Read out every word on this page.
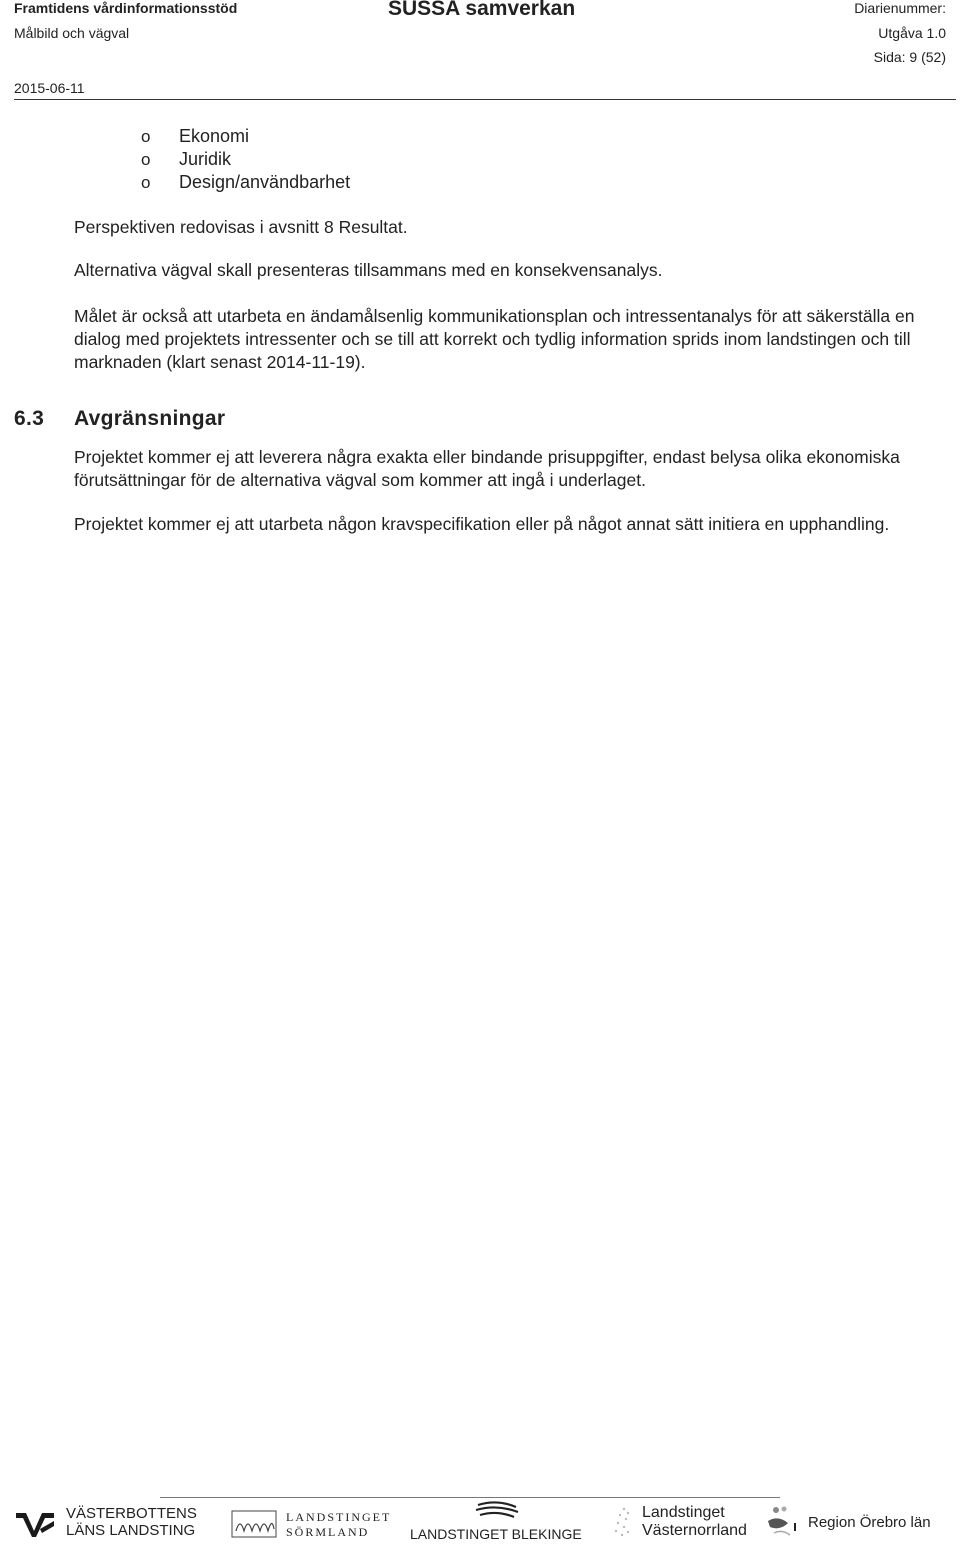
Framtidens vårdinformationsstöd
Målbild och vägval
SUSSA samverkan	Diarienummer:
Utgåva 1.0
Sida: 9 (52)
2015-06-11
o Ekonomi
o Juridik
o Design/användbarhet
Perspektiven redovisas i avsnitt 8 Resultat.
Alternativa vägval skall presenteras tillsammans med en konsekvensanalys.
Målet är också att utarbeta en ändamålsenlig kommunikationsplan och intressentanalys för att säkerställa en dialog med projektets intressenter och se till att korrekt och tydlig information sprids inom landstingen och till marknaden (klart senast 2014-11-19).
6.3 Avgränsningar
Projektet kommer ej att leverera några exakta eller bindande prisuppgifter, endast belysa olika ekonomiska förutsättningar för de alternativa vägval som kommer att ingå i underlaget.
Projektet kommer ej att utarbeta någon kravspecifikation eller på något annat sätt initiera en upphandling.
VÄSTERBOTTENS
LÄNS LANDSTING
LANDSTINGET
SÖRMLAND	LANDSTINGET BLEKINGE
Landstinget
Västernorrland	Region Örebro län
